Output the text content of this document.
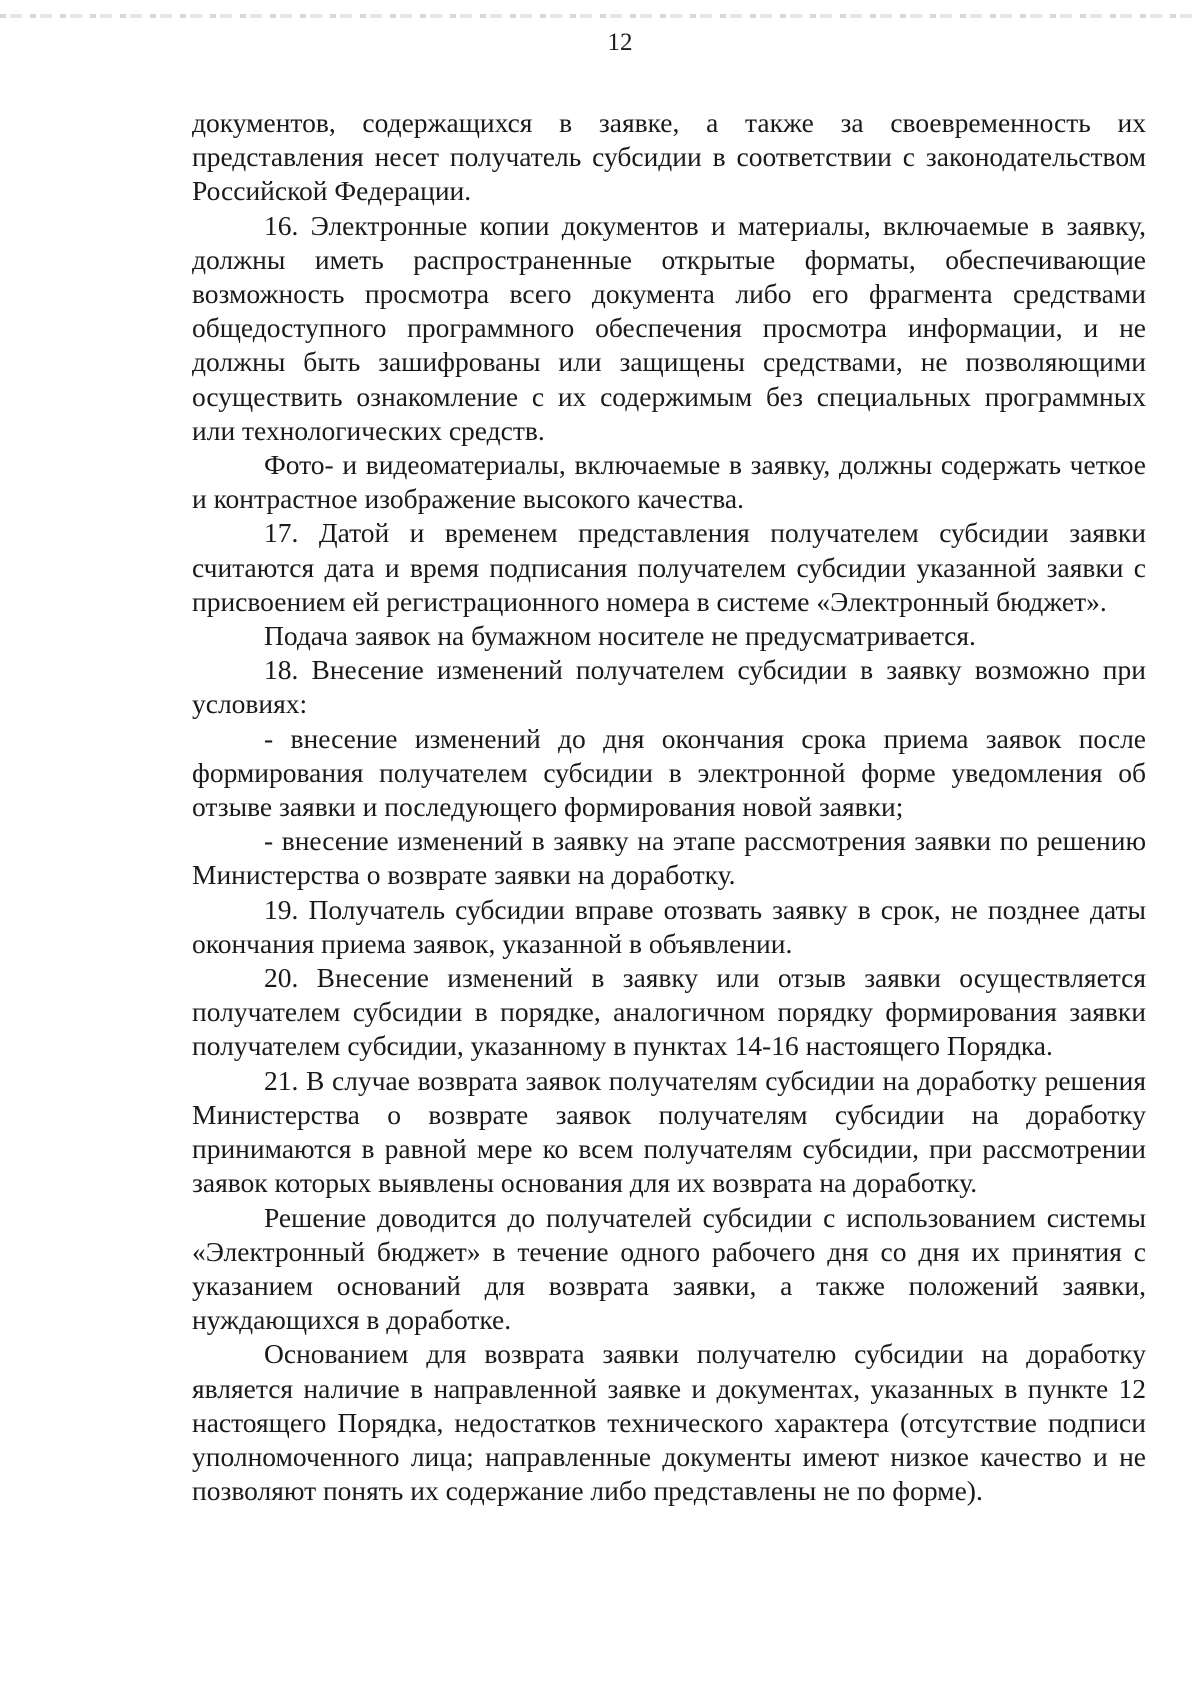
12

документов, содержащихся в заявке, а также за своевременность их представления несет получатель субсидии в соответствии с законодательством Российской Федерации.

16. Электронные копии документов и материалы, включаемые в заявку, должны иметь распространенные открытые форматы, обеспечивающие возможность просмотра всего документа либо его фрагмента средствами общедоступного программного обеспечения просмотра информации, и не должны быть зашифрованы или защищены средствами, не позволяющими осуществить ознакомление с их содержимым без специальных программных или технологических средств.

Фото- и видеоматериалы, включаемые в заявку, должны содержать четкое и контрастное изображение высокого качества.

17. Датой и временем представления получателем субсидии заявки считаются дата и время подписания получателем субсидии указанной заявки с присвоением ей регистрационного номера в системе «Электронный бюджет».

Подача заявок на бумажном носителе не предусматривается.

18. Внесение изменений получателем субсидии в заявку возможно при условиях:

- внесение изменений до дня окончания срока приема заявок после формирования получателем субсидии в электронной форме уведомления об отзыве заявки и последующего формирования новой заявки;

- внесение изменений в заявку на этапе рассмотрения заявки по решению Министерства о возврате заявки на доработку.

19. Получатель субсидии вправе отозвать заявку в срок, не позднее даты окончания приема заявок, указанной в объявлении.

20. Внесение изменений в заявку или отзыв заявки осуществляется получателем субсидии в порядке, аналогичном порядку формирования заявки получателем субсидии, указанному в пунктах 14-16 настоящего Порядка.

21. В случае возврата заявок получателям субсидии на доработку решения Министерства о возврате заявок получателям субсидии на доработку принимаются в равной мере ко всем получателям субсидии, при рассмотрении заявок которых выявлены основания для их возврата на доработку.

Решение доводится до получателей субсидии с использованием системы «Электронный бюджет» в течение одного рабочего дня со дня их принятия с указанием оснований для возврата заявки, а также положений заявки, нуждающихся в доработке.

Основанием для возврата заявки получателю субсидии на доработку является наличие в направленной заявке и документах, указанных в пункте 12 настоящего Порядка, недостатков технического характера (отсутствие подписи уполномоченного лица; направленные документы имеют низкое качество и не позволяют понять их содержание либо представлены не по форме).
